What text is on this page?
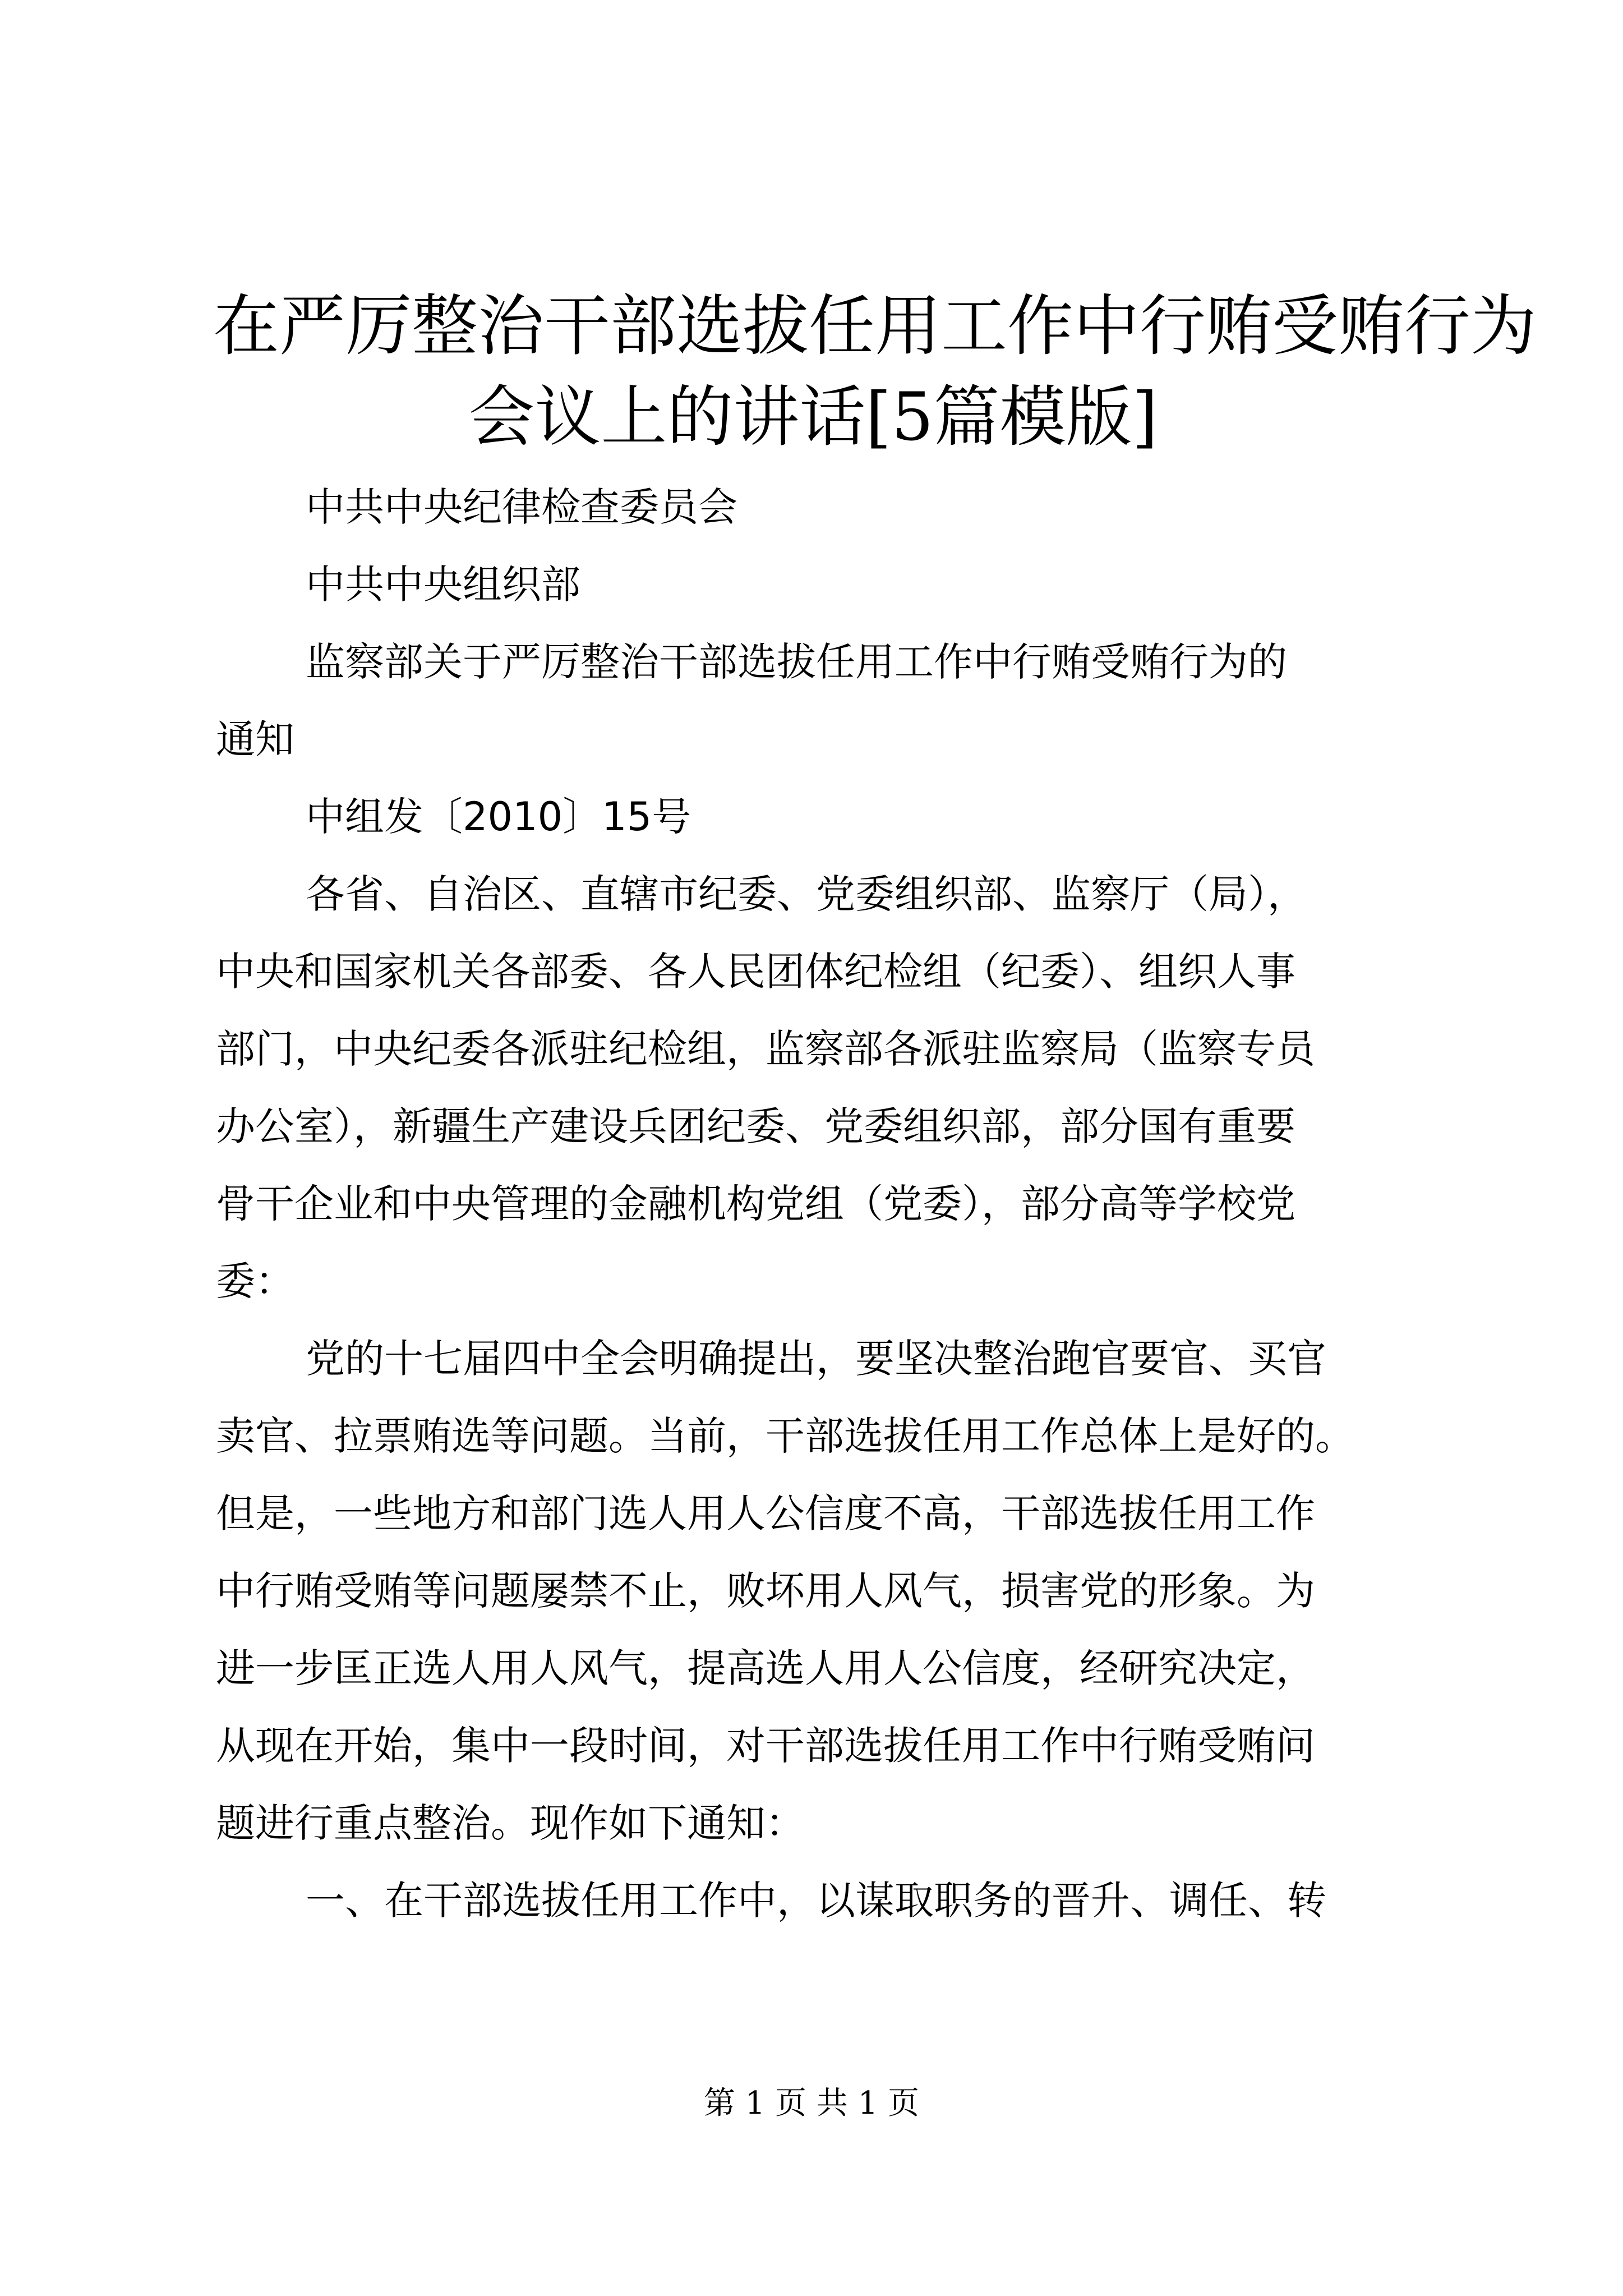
在严厉整治干部选拔任用工作中行贿受贿行为
会议上的讲话[5篇模版]

中共中央纪律检查委员会

中共中央组织部

监察部关于严厉整治干部选拔任用工作中行贿受贿行为的
通知

中组发〔2010〕15号

各省、自治区、直辖市纪委、党委组织部、监察厅（局），
中央和国家机关各部委、各人民团体纪检组（纪委）、组织人事
部门，中央纪委各派驻纪检组，监察部各派驻监察局（监察专员
办公室），新疆生产建设兵团纪委、党委组织部，部分国有重要
骨干企业和中央管理的金融机构党组（党委），部分高等学校党
委：

党的十七届四中全会明确提出，要坚决整治跑官要官、买官
卖官、拉票贿选等问题。当前，干部选拔任用工作总体上是好的。
但是，一些地方和部门选人用人公信度不高，干部选拔任用工作
中行贿受贿等问题屡禁不止，败坏用人风气，损害党的形象。为
进一步匡正选人用人风气，提高选人用人公信度，经研究决定，
从现在开始，集中一段时间，对干部选拔任用工作中行贿受贿问
题进行重点整治。现作如下通知：

一、在干部选拔任用工作中，以谋取职务的晋升、调任、转

第 1 页 共 1 页
